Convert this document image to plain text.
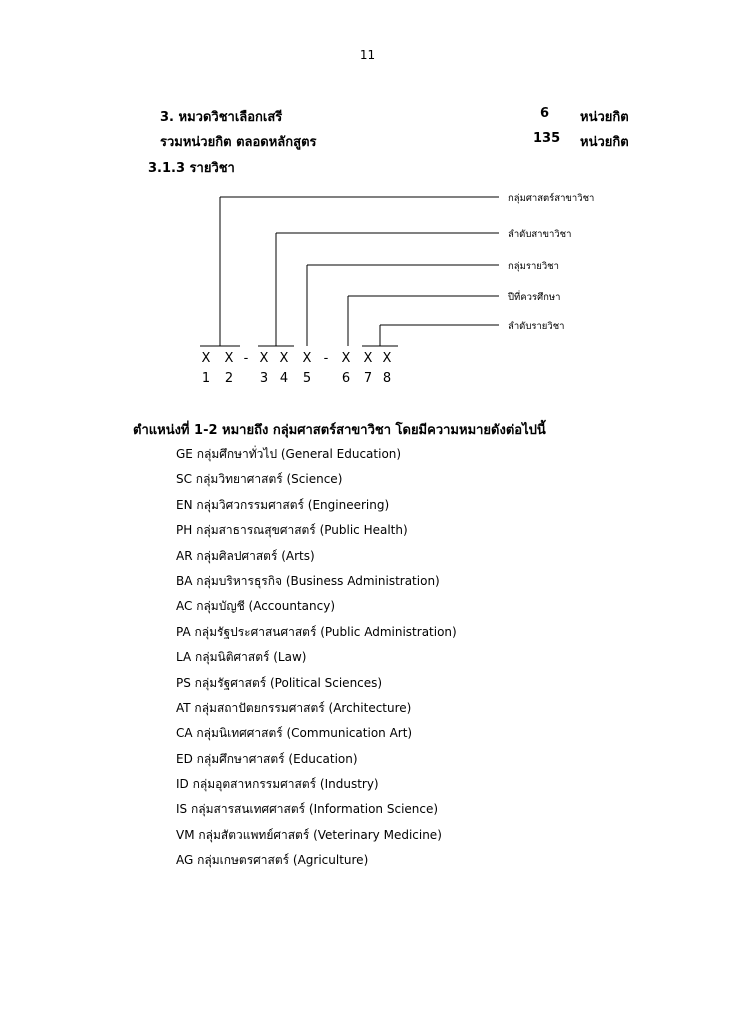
11
3. หมวดวิชาเลือกเสรี	6 หน่วยกิต
รวมหน่วยกิต ตลอดหลักสูตร	135 หน่วยกิต
3.1.3 รายวิชา
กลุ่มศาสตร์สาขาวิชา
ลำดับสาขาวิชา
กลุ่มรายวิชา
ปีที่ควรศึกษา
ลำดับรายวิชา
X X - X X X - X X X
1 2 3 4 5 6 7 8
ตำแหน่งที่ 1-2 หมายถึง กลุ่มศาสตร์สาขาวิชา โดยมีความหมายดังต่อไปนี้
GE กลุ่มศึกษาทั่วไป (General Education)
SC กลุ่มวิทยาศาสตร์ (Science)
EN กลุ่มวิศวกรรมศาสตร์ (Engineering)
PH กลุ่มสาธารณสุขศาสตร์ (Public Health)
AR กลุ่มศิลปศาสตร์ (Arts)
BA กลุ่มบริหารธุรกิจ (Business Administration)
AC กลุ่มบัญชี (Accountancy)
PA กลุ่มรัฐประศาสนศาสตร์ (Public Administration)
LA กลุ่มนิติศาสตร์ (Law)
PS กลุ่มรัฐศาสตร์ (Political Sciences)
AT กลุ่มสถาปัตยกรรมศาสตร์ (Architecture)
CA กลุ่มนิเทศศาสตร์ (Communication Art)
ED กลุ่มศึกษาศาสตร์ (Education)
ID กลุ่มอุตสาหกรรมศาสตร์ (Industry)
IS กลุ่มสารสนเทศศาสตร์ (Information Science)
VM กลุ่มสัตวแพทย์ศาสตร์ (Veterinary Medicine)
AG กลุ่มเกษตรศาสตร์ (Agriculture)
